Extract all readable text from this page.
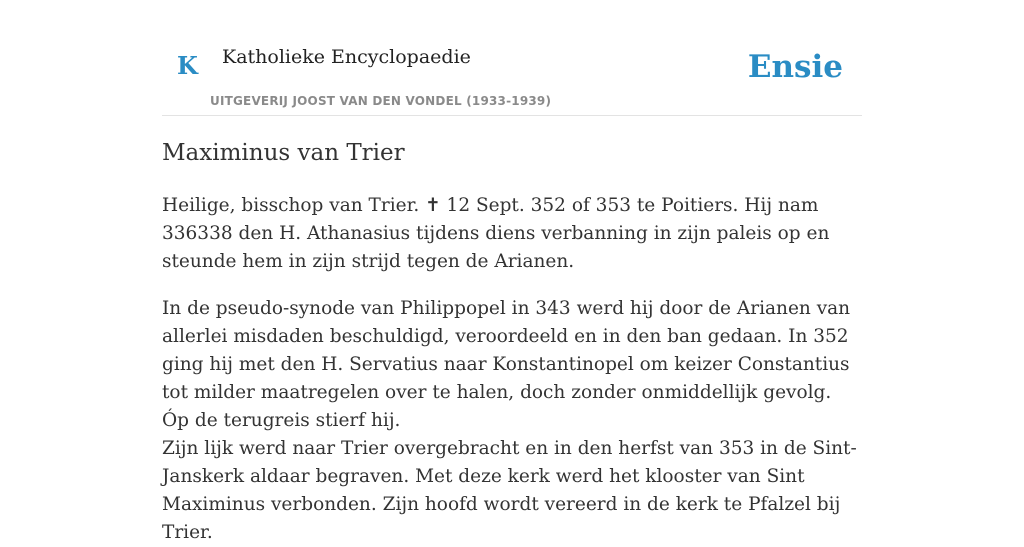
K Katholieke Encyclopaedie
UITGEVERIJ JOOST VAN DEN VONDEL (1933-1939)
Ensie
Maximinus van Trier

Heilige, bisschop van Trier. ✝ 12 Sept. 352 of 353 te Poitiers. Hij nam 336338 den H. Athanasius tijdens diens verbanning in zijn paleis op en steunde hem in zijn strijd tegen de Arianen.

In de pseudo-synode van Philippopel in 343 werd hij door de Arianen van allerlei misdaden beschuldigd, veroordeeld en in den ban gedaan. In 352 ging hij met den H. Servatius naar Konstantinopel om keizer Constantius tot milder maatregelen over te halen, doch zonder onmiddellijk gevolg. Óp de terugreis stierf hij.

Zijn lijk werd naar Trier overgebracht en in den herfst van 353 in de Sint-Janskerk aldaar begraven. Met deze kerk werd het klooster van Sint Maximinus verbonden. Zijn hoofd wordt vereerd in de kerk te Pfalzel bij Trier.
